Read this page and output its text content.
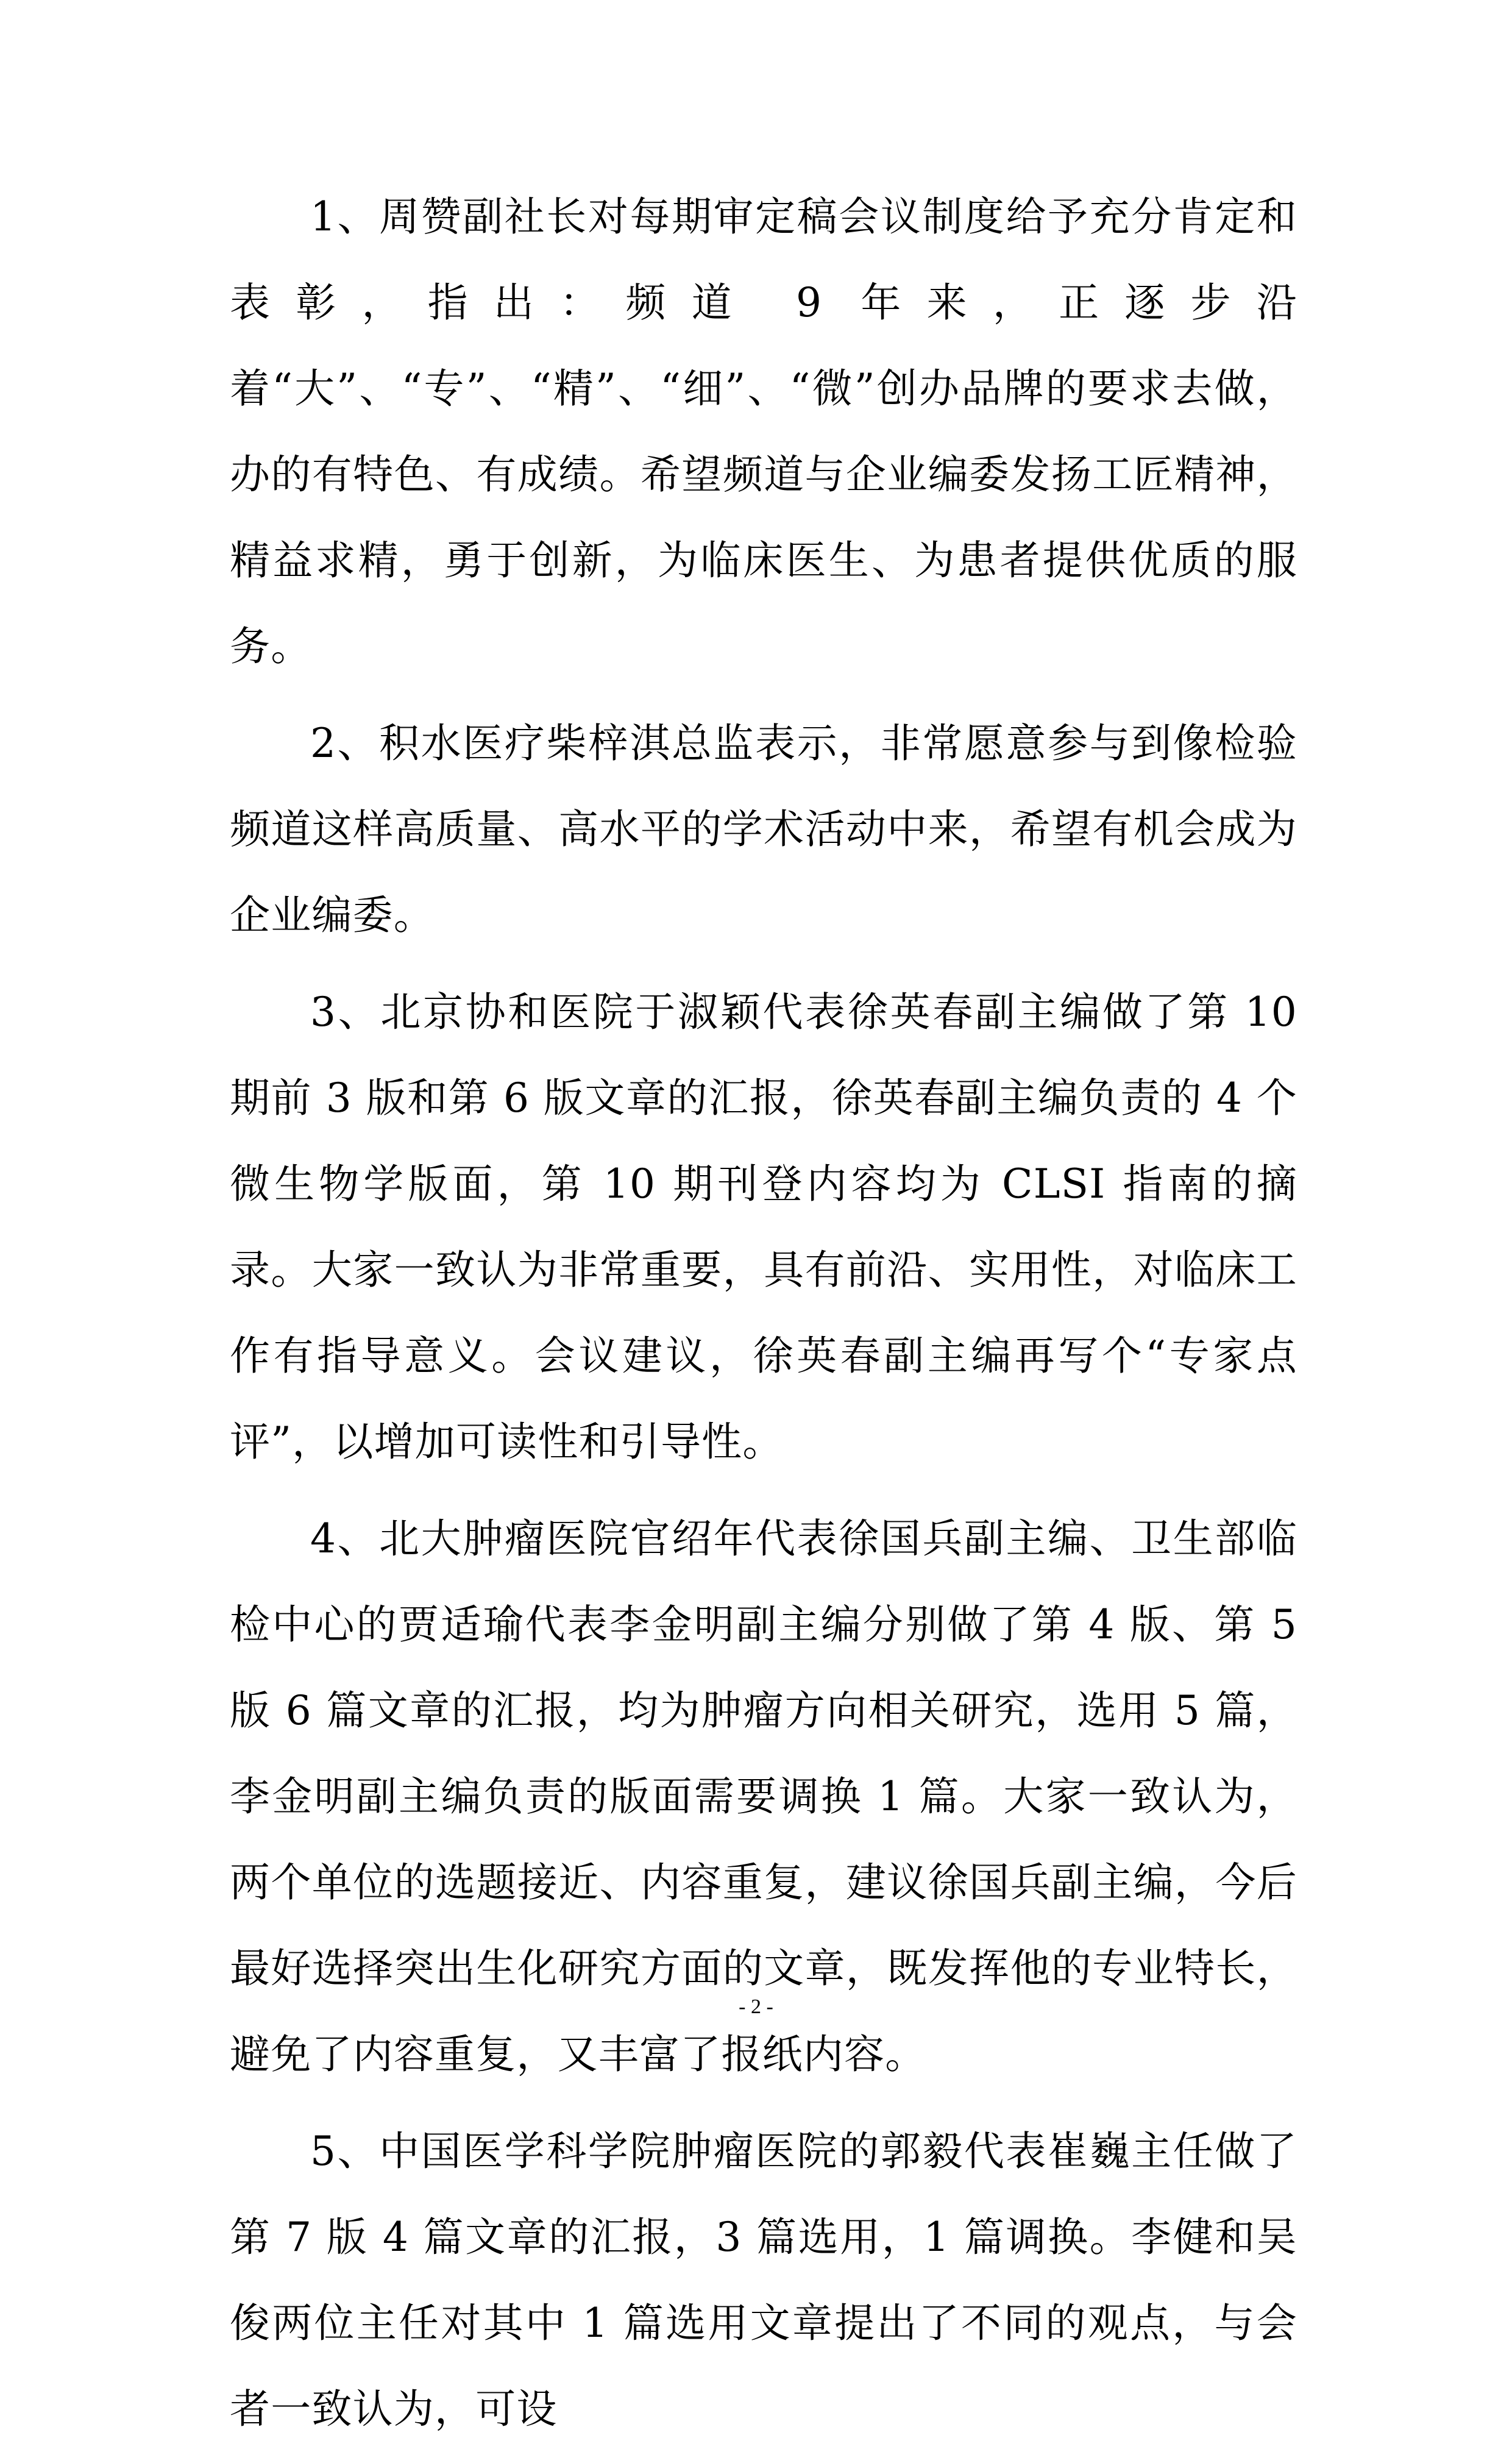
1、周赞副社长对每期审定稿会议制度给予充分肯定和表彰，指出：频道 9 年来，正逐步沿着“大”、“专”、“精”、“细”、“微”创办品牌的要求去做，办的有特色、有成绩。希望频道与企业编委发扬工匠精神，精益求精，勇于创新，为临床医生、为患者提供优质的服务。

2、积水医疗柴梓淇总监表示，非常愿意参与到像检验频道这样高质量、高水平的学术活动中来，希望有机会成为企业编委。

3、北京协和医院于淑颖代表徐英春副主编做了第 10 期前 3 版和第 6 版文章的汇报，徐英春副主编负责的 4 个微生物学版面，第 10 期刊登内容均为 CLSI 指南的摘录。大家一致认为非常重要，具有前沿、实用性，对临床工作有指导意义。会议建议，徐英春副主编再写个“专家点评”，以增加可读性和引导性。

4、北大肿瘤医院官绍年代表徐国兵副主编、卫生部临检中心的贾适瑜代表李金明副主编分别做了第 4 版、第 5 版 6 篇文章的汇报，均为肿瘤方向相关研究，选用 5 篇，李金明副主编负责的版面需要调换 1 篇。大家一致认为，两个单位的选题接近、内容重复，建议徐国兵副主编，今后最好选择突出生化研究方面的文章，既发挥他的专业特长，避免了内容重复，又丰富了报纸内容。

5、中国医学科学院肿瘤医院的郭毅代表崔巍主任做了第 7 版 4 篇文章的汇报，3 篇选用，1 篇调换。李健和吴俊两位主任对其中 1 篇选用文章提出了不同的观点，与会者一致认为，可设

- 2 -
